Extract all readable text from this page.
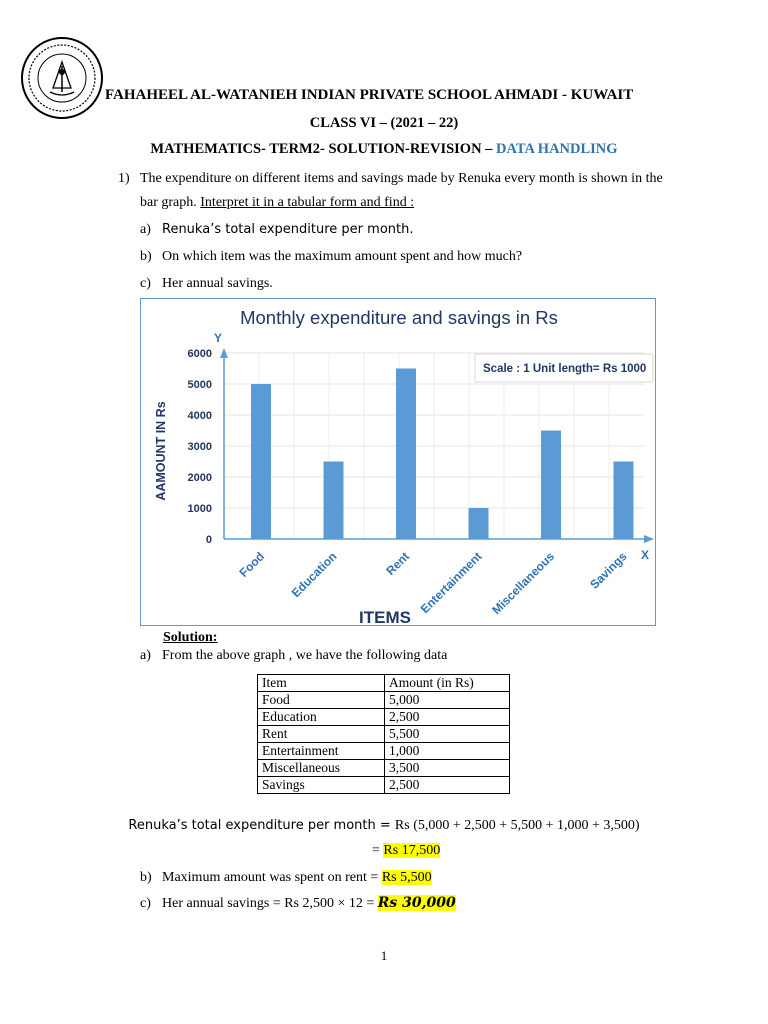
FAHAHEEL AL-WATANIEH INDIAN PRIVATE SCHOOL AHMADI - KUWAIT
CLASS VI – (2021 – 22)
MATHEMATICS- TERM2- SOLUTION-REVISION – DATA HANDLING
1) The expenditure on different items and savings made by Renuka every month is shown in the bar graph. Interpret it in a tabular form and find :
a) Renuka’s total expenditure per month.
b) On which item was the maximum amount spent and how much?
c) Her annual savings.
Monthly expenditure and savings in Rs
0
1000
2000
3000
4000
5000
6000
Y
X
AAMOUNT IN Rs
ITEMS
Scale : 1 Unit length= Rs 1000
Food Education	Rent Entertainment Miscellaneous	Savings
Solution:
a) From the above graph , we have the following data
Item	Amount (in Rs)
Food	5,000
Education	2,500
Rent	5,500
Entertainment	1,000
Miscellaneous	3,500
Savings	2,500
Renuka’s total expenditure per month = Rs (5,000 + 2,500 + 5,500 + 1,000 + 3,500)
= Rs 17,500
b) Maximum amount was spent on rent = Rs 5,500
c) Her annual savings = Rs 2,500 × 12 = Rs 30,000
1
